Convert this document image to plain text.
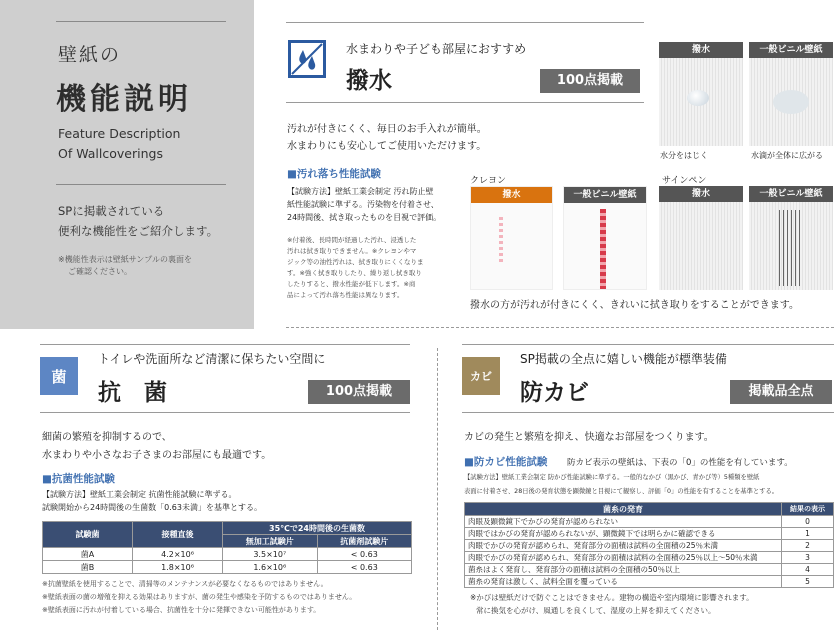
壁紙の
機能説明
Feature Description
Of Wallcoverings
SPに掲載されている
便利な機能性をご紹介します。
※機能性表示は壁紙サンプルの裏面を
ご確認ください。
水まわりや子ども部屋におすすめ
撥水	100点掲載
汚れが付きにくく、毎日のお手入れが簡単。
水まわりにも安心してご使用いただけます。
■汚れ落ち性能試験
【試験方法】壁紙工業会制定 汚れ防止壁
紙性能試験に準ずる。汚染物を付着させ、
24時間後、拭き取ったものを目視で評価。
※付着後、長時間が経過した汚れ、浸透した
汚れは拭き取りできません。※クレヨンやマ
ジック等の油性汚れは、拭き取りにくくなりま
す。※強く拭き取りしたり、繰り返し拭き取り
したりすると、撥水性能が低下します。※商
品によって汚れ落ち性能は異なります。
撥水	一般ビニル壁紙
水分をはじく	水滴が全体に広がる
クレヨン	サインペン
撥水	一般ビニル壁紙	撥水	一般ビニル壁紙
撥水の方が汚れが付きにくく、きれいに拭き取りをすることができます。
菌
トイレや洗面所など清潔に保ちたい空間に
抗　菌	100点掲載
細菌の繁殖を抑制するので、
水まわりや小さなお子さまのお部屋にも最適です。
■抗菌性能試験
【試験方法】壁紙工業会制定 抗菌性能試験に準ずる。
試験開始から24時間後の生菌数「0.63未満」を基準とする。
試験菌	接種直後	35℃で24時間後の生菌数	
		無加工試験片	抗菌剤試験片
菌A	4.2×10⁶	3.5×10⁷	< 0.63
菌B	1.8×10⁶	1.6×10⁶	< 0.63
※抗菌壁紙を使用することで、清掃等のメンテナンスが必要なくなるものではありません。
※壁紙表面の菌の増殖を抑える効果はありますが、菌の発生や感染を予防するものではありません。
※壁紙表面に汚れが付着している場合、抗菌性を十分に発揮できない可能性があります。
カビ
SP掲載の全点に嬉しい機能が標準装備
防カビ	掲載品全点
カビの発生と繁殖を抑え、快適なお部屋をつくります。
■防カビ性能試験 防カビ表示の壁紙は、下表の「0」の性能を有しています。
【試験方法】壁紙工業会制定 防かび性能試験に準ずる。一般的なかび（黒かび、青かび等）5種類を壁紙
表面に付着させ、28日後の発育状態を顕微鏡と目視にて観察し、評価「0」の性能を有することを基準とする。
菌糸の発育	結果の表示
肉眼及顕微鏡下でかびの発育が認められない	0
肉眼ではかびの発育が認められないが、顕微鏡下では明らかに確認できる	1
肉眼でかびの発育が認められ、発育部分の面積は試料の全面積の25％未満	2
肉眼でかびの発育が認められ、発育部分の面積は試料の全面積の25％以上～50％未満	3
菌糸はよく発育し、発育部分の面積は試料の全面積の50％以上	4
菌糸の発育は激しく、試料全面を覆っている	5
※かびは壁紙だけで防ぐことはできません。建物の構造や室内環境に影響されます。
常に換気を心がけ、風通しを良くして、湿度の上昇を抑えてください。
